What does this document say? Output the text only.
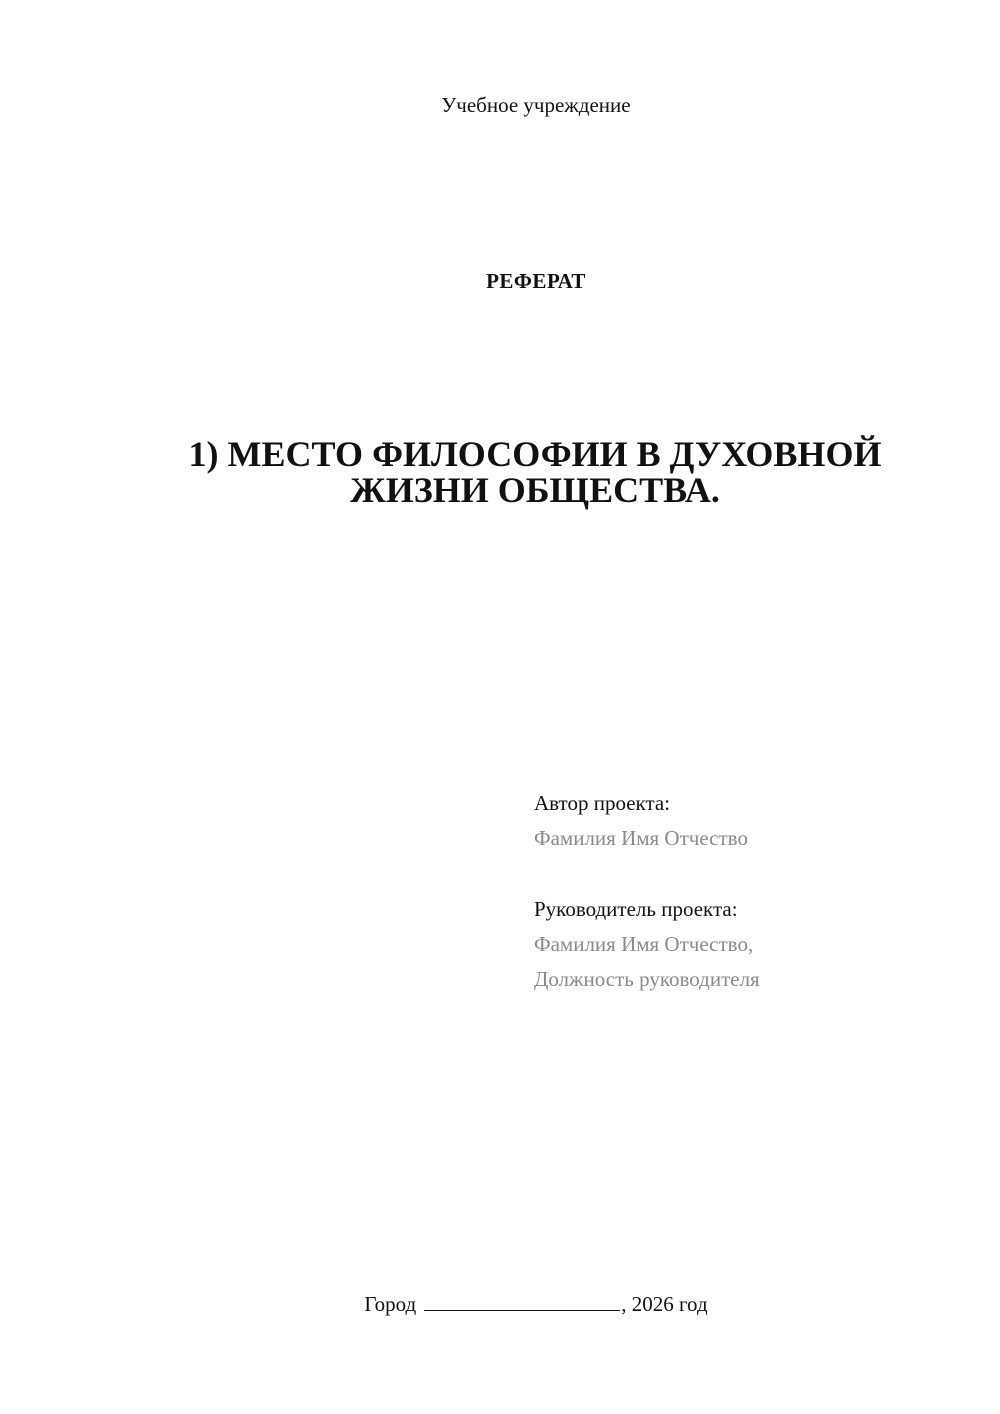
Учебное учреждение
РЕФЕРАТ
1) МЕСТО ФИЛОСОФИИ В ДУХОВНОЙ
ЖИЗНИ ОБЩЕСТВА.
Автор проекта:
Фамилия Имя Отчество
Руководитель проекта:
Фамилия Имя Отчество,
Должность руководителя
Город	, 2026 год
